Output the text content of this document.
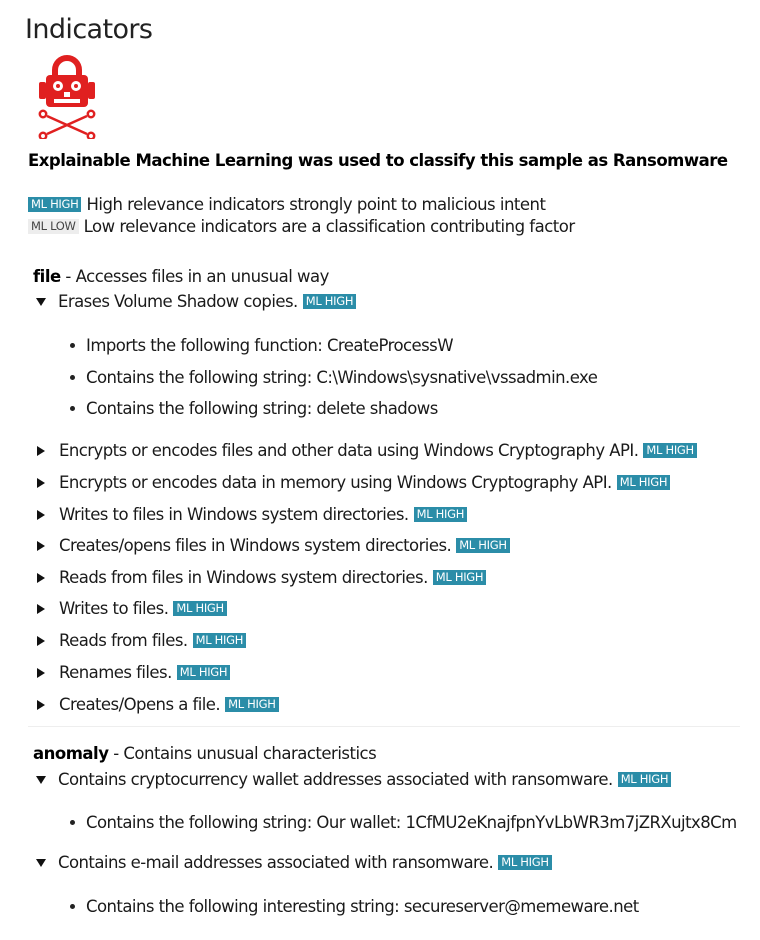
Indicators
Explainable Machine Learning was used to classify this sample as Ransomware
ML HIGH High relevance indicators strongly point to malicious intent
ML LOW Low relevance indicators are a classification contributing factor
file - Accesses files in an unusual way
Erases Volume Shadow copies. ML HIGH
Imports the following function: CreateProcessW
Contains the following string: C:\Windows\sysnative\vssadmin.exe
Contains the following string: delete shadows
Encrypts or encodes files and other data using Windows Cryptography API. ML HIGH
Encrypts or encodes data in memory using Windows Cryptography API. ML HIGH
Writes to files in Windows system directories. ML HIGH
Creates/opens files in Windows system directories. ML HIGH
Reads from files in Windows system directories. ML HIGH
Writes to files. ML HIGH
Reads from files. ML HIGH
Renames files. ML HIGH
Creates/Opens a file. ML HIGH
anomaly - Contains unusual characteristics
Contains cryptocurrency wallet addresses associated with ransomware. ML HIGH
Contains the following string: Our wallet: 1CfMU2eKnajfpnYvLbWR3m7jZRXujtx8Cm
Contains e-mail addresses associated with ransomware. ML HIGH
Contains the following interesting string: secureserver@memeware.net
